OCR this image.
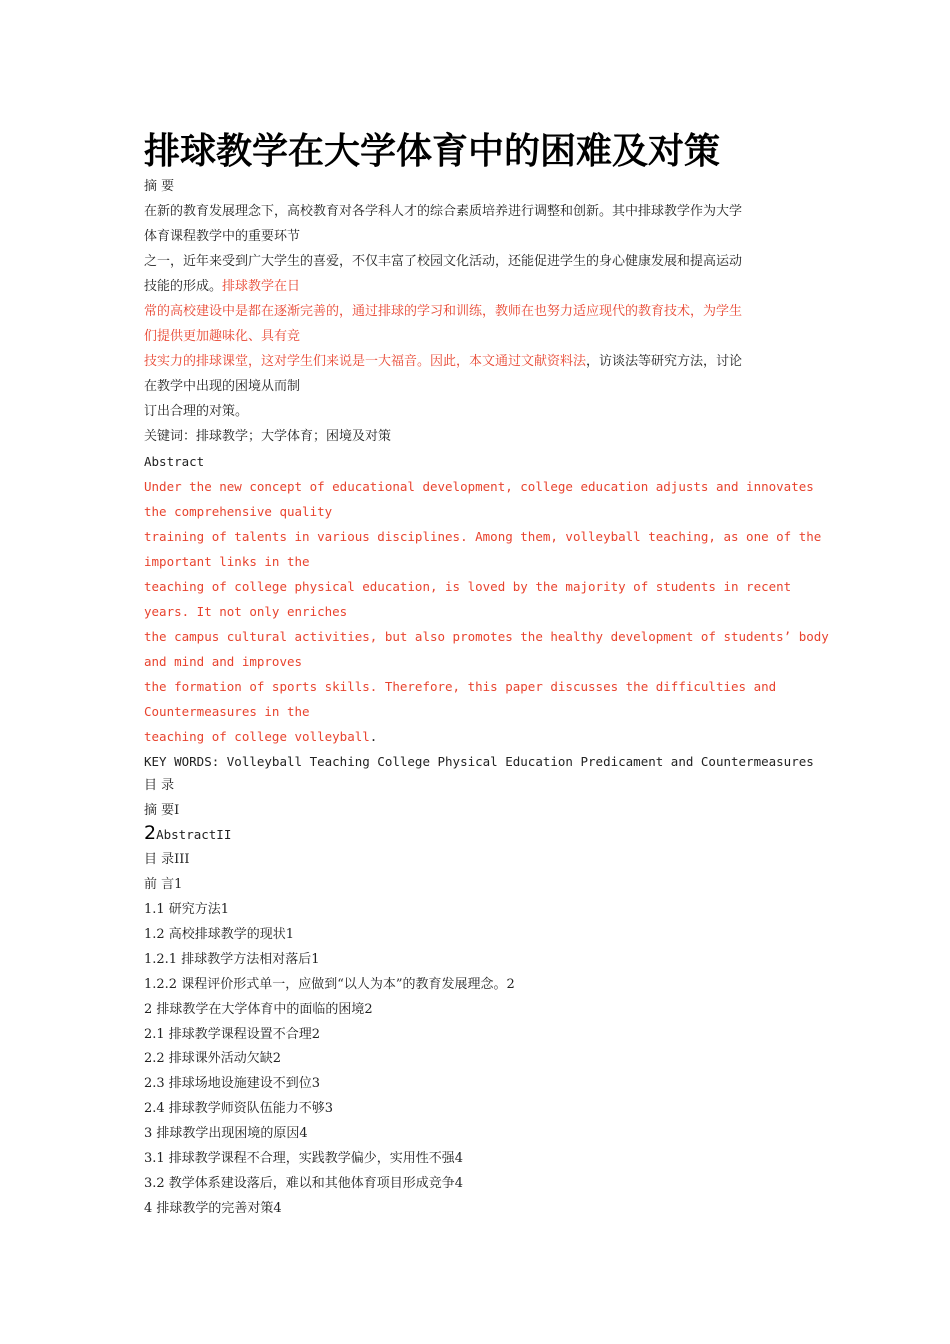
排球教学在大学体育中的困难及对策
摘 要
在新的教育发展理念下，高校教育对各学科人才的综合素质培养进行调整和创新。其中排球教学作为大学
体育课程教学中的重要环节
之一，近年来受到广大学生的喜爱，不仅丰富了校园文化活动，还能促进学生的身心健康发展和提高运动
技能的形成。排球教学在日
常的高校建设中是都在逐渐完善的，通过排球的学习和训练，教师在也努力适应现代的教育技术，为学生
们提供更加趣味化、具有竞
技实力的排球课堂，这对学生们来说是一大福音。因此，本文通过文献资料法，访谈法等研究方法，讨论
在教学中出现的困境从而制
订出合理的对策。
关键词：排球教学；大学体育；困境及对策
Abstract
Under the new concept of educational development, college education adjusts and innovates
the comprehensive quality
training of talents in various disciplines. Among them, volleyball teaching, as one of the
important links in the
teaching of college physical education, is loved by the majority of students in recent
years. It not only enriches
the campus cultural activities, but also promotes the healthy development of students’ body
and mind and improves
the formation of sports skills. Therefore, this paper discusses the difficulties and
Countermeasures in the
teaching of college volleyball.
KEY WORDS: Volleyball Teaching College Physical Education Predicament and Countermeasures
目 录
摘 要I
2AbstractII
目 录III
前 言1
1.1 研究方法1
1.2 高校排球教学的现状1
1.2.1 排球教学方法相对落后1
1.2.2 课程评价形式单一，应做到“以人为本”的教育发展理念。2
2 排球教学在大学体育中的面临的困境2
2.1 排球教学课程设置不合理2
2.2 排球课外活动欠缺2
2.3 排球场地设施建设不到位3
2.4 排球教学师资队伍能力不够3
3 排球教学出现困境的原因4
3.1 排球教学课程不合理，实践教学偏少，实用性不强4
3.2 教学体系建设落后，难以和其他体育项目形成竞争4
4 排球教学的完善对策4
